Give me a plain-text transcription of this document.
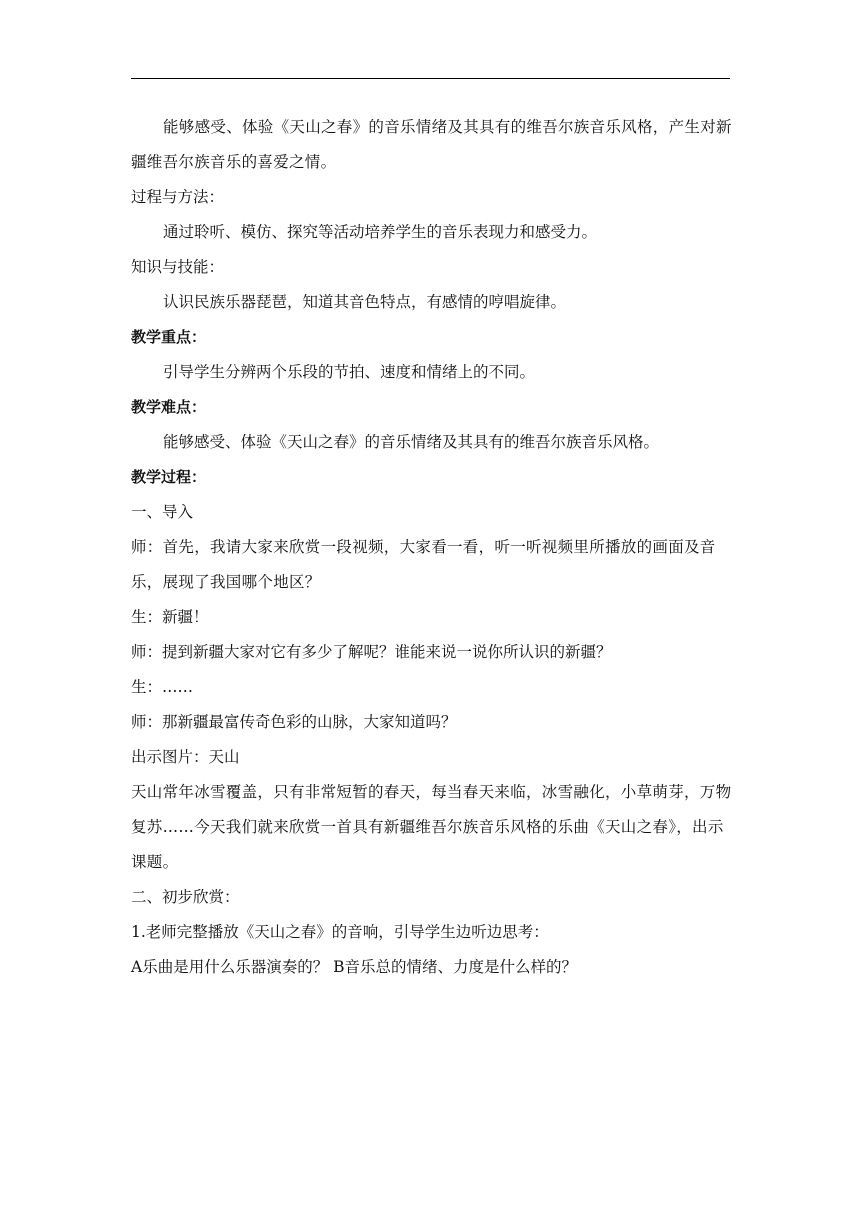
能够感受、体验《天山之春》的音乐情绪及其具有的维吾尔族音乐风格，产生对新疆维吾尔族音乐的喜爱之情。

过程与方法：

通过聆听、模仿、探究等活动培养学生的音乐表现力和感受力。

知识与技能：

认识民族乐器琵琶，知道其音色特点，有感情的哼唱旋律。

教学重点：

引导学生分辨两个乐段的节拍、速度和情绪上的不同。

教学难点：

能够感受、体验《天山之春》的音乐情绪及其具有的维吾尔族音乐风格。

教学过程：

一、导入

师：首先，我请大家来欣赏一段视频，大家看一看，听一听视频里所播放的画面及音乐，展现了我国哪个地区？

生：新疆！

师：提到新疆大家对它有多少了解呢？谁能来说一说你所认识的新疆？

生：……

师：那新疆最富传奇色彩的山脉，大家知道吗？

出示图片：天山

天山常年冰雪覆盖，只有非常短暂的春天，每当春天来临，冰雪融化，小草萌芽，万物复苏……今天我们就来欣赏一首具有新疆维吾尔族音乐风格的乐曲《天山之春》，出示课题。

二、初步欣赏：

1.老师完整播放《天山之春》的音响，引导学生边听边思考：

A乐曲是用什么乐器演奏的？ B音乐总的情绪、力度是什么样的？
